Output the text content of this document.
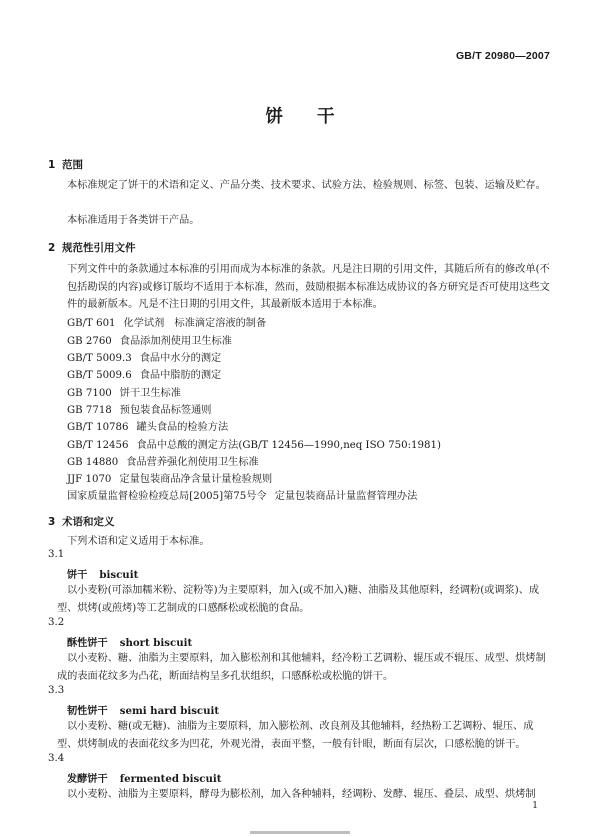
GB/T 20980—2007
饼 干
1 范围
本标准规定了饼干的术语和定义、产品分类、技术要求、试验方法、检验规则、标签、包装、运输及贮存。
本标准适用于各类饼干产品。
2 规范性引用文件
下列文件中的条款通过本标准的引用而成为本标准的条款。凡是注日期的引用文件，其随后所有的修改单(不包括勘误的内容)或修订版均不适用于本标准，然而，鼓励根据本标准达成协议的各方研究是否可使用这些文件的最新版本。凡是不注日期的引用文件，其最新版本适用于本标准。
GB/T 601 化学试剂　标准滴定溶液的制备
GB 2760 食品添加剂使用卫生标准
GB/T 5009.3 食品中水分的测定
GB/T 5009.6 食品中脂肪的测定
GB 7100 饼干卫生标准
GB 7718 预包装食品标签通则
GB/T 10786 罐头食品的检验方法
GB/T 12456 食品中总酸的测定方法(GB/T 12456—1990,neq ISO 750:1981)
GB 14880 食品营养强化剂使用卫生标准
JJF 1070 定量包装商品净含量计量检验规则
国家质量监督检验检疫总局[2005]第75号令 定量包装商品计量监督管理办法
3 术语和定义
下列术语和定义适用于本标准。
3.1
饼干 biscuit
以小麦粉(可添加糯米粉、淀粉等)为主要原料，加入(或不加入)糖、油脂及其他原料，经调粉(或调浆)、成型、烘烤(或煎烤)等工艺制成的口感酥松或松脆的食品。
3.2
酥性饼干 short biscuit
以小麦粉、糖、油脂为主要原料，加入膨松剂和其他辅料，经冷粉工艺调粉、辊压或不辊压、成型、烘烤制成的表面花纹多为凸花，断面结构呈多孔状组织，口感酥松或松脆的饼干。
3.3
韧性饼干 semi hard biscuit
以小麦粉、糖(或无糖)、油脂为主要原料，加入膨松剂、改良剂及其他辅料，经热粉工艺调粉、辊压、成型、烘烤制成的表面花纹多为凹花，外观光滑，表面平整，一般有针眼，断面有层次，口感松脆的饼干。
3.4
发酵饼干 fermented biscuit
以小麦粉、油脂为主要原料，酵母为膨松剂，加入各种辅料，经调粉、发酵、辊压、叠层、成型、烘烤制
1
